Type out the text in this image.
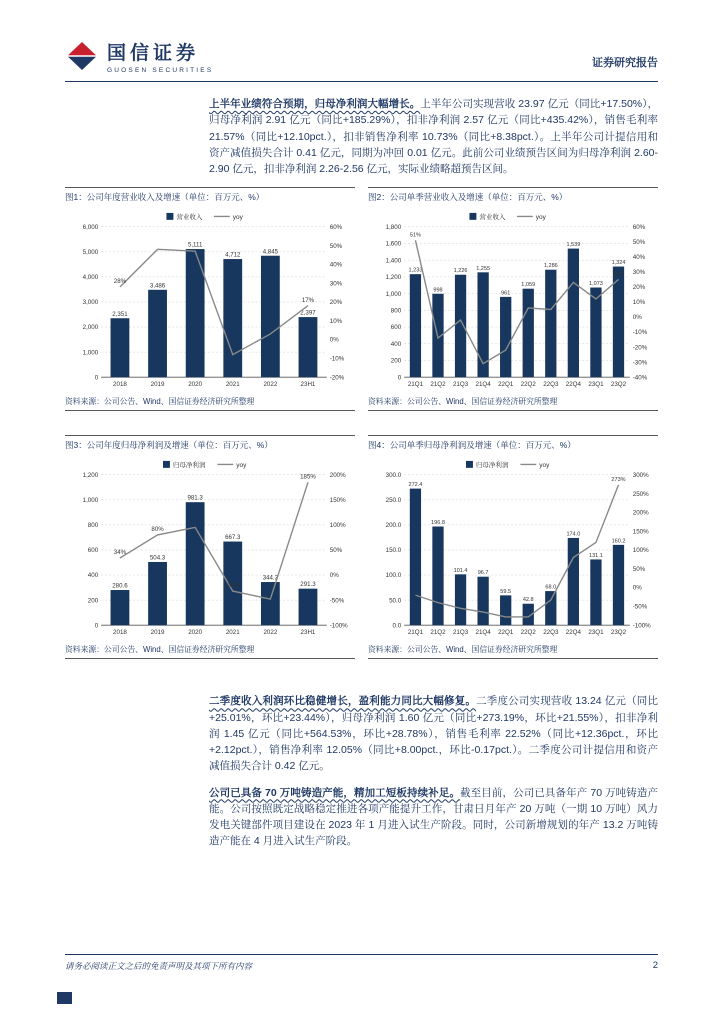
国信证券
GUOSEN SECURITIES
证券研究报告
上半年业绩符合预期，归母净利润大幅增长。上半年公司实现营收 23.97 亿元（同比+17.50%），归母净利润 2.91 亿元（同比+185.29%），扣非净利润 2.57 亿元（同比+435.42%），销售毛利率 21.57%（同比+12.10pct.），扣非销售净利率 10.73%（同比+8.38pct.）。上半年公司计提信用和资产减值损失合计 0.41 亿元，同期为冲回 0.01 亿元。此前公司业绩预告区间为归母净利润 2.60-2.90 亿元，扣非净利润 2.26-2.56 亿元，实际业绩略超预告区间。
图1：公司年度营业收入及增速（单位：百万元、%）
0
1,000
2,000
3,000
4,000
5,000
6,000
-20%
-10%
0%
10%
20%
30%
40%
50%
60%
2,351
3,486
5,111
4,712	4,845
2,397
28%
17%
2018	2019	2020	2021	2022	23H1
营业收入	yoy
资料来源：公司公告、Wind、国信证券经济研究所整理
图2：公司单季营业收入及增速（单位：百万元、%）
0
200
400
600
800
1,000
1,200
1,400
1,600
1,800
-40%
-30%
-20%
-10%
0%
10%
20%
30%
40%
50%
60%
1,233
998
1,226 1,255
961
1,059
1,286
1,539
1,073
1,324
51%
25%
21Q1 21Q2 21Q3 21Q4 22Q1 22Q2 22Q3 22Q4 23Q1 23Q2
营业收入	yoy
资料来源：公司公告、Wind、国信证券经济研究所整理
图3：公司年度归母净利润及增速（单位：百万元、%）
0
200
400
600
800
1,000
1,200
-100%
-50%
0%
50%
100%
150%
200%
280.6
504.3
981.3
667.3
344.3
291.3
34%
80%
-32%
185%
2018	2019	2020	2021	2022	23H1
归母净利润	yoy
资料来源：公司公告、Wind、国信证券经济研究所整理
图4：公司单季归母净利润及增速（单位：百万元、%）
0.0
50.0
100.0
150.0
200.0
250.0
300.0
-100%
-50%
0%
50%
100%
150%
200%
250%
300%
272.4
196.8
101.4 96.7
59.5
42.8
68.0
174.0
131.1
160.2
273%
21Q1 21Q2 21Q3 21Q4 22Q1 22Q2 22Q3 22Q4 23Q1 23Q2
归母净利润	yoy
资料来源：公司公告、Wind、国信证券经济研究所整理
二季度收入利润环比稳健增长，盈利能力同比大幅修复。二季度公司实现营收 13.24 亿元（同比+25.01%，环比+23.44%），归母净利润 1.60 亿元（同比+273.19%，环比+21.55%），扣非净利润 1.45 亿元（同比+564.53%，环比+28.78%），销售毛利率 22.52%（同比+12.36pct.，环比+2.12pct.），销售净利率 12.05%（同比+8.00pct.，环比-0.17pct.）。二季度公司计提信用和资产减值损失合计 0.42 亿元。
公司已具备 70 万吨铸造产能，精加工短板持续补足。截至目前，公司已具备年产 70 万吨铸造产能。公司按照既定战略稳定推进各项产能提升工作，甘肃日月年产 20 万吨（一期 10 万吨）风力发电关键部件项目建设在 2023 年 1 月进入试生产阶段。同时，公司新增规划的年产 13.2 万吨铸造产能在 4 月进入试生产阶段。
请务必阅读正文之后的免责声明及其项下所有内容	2
